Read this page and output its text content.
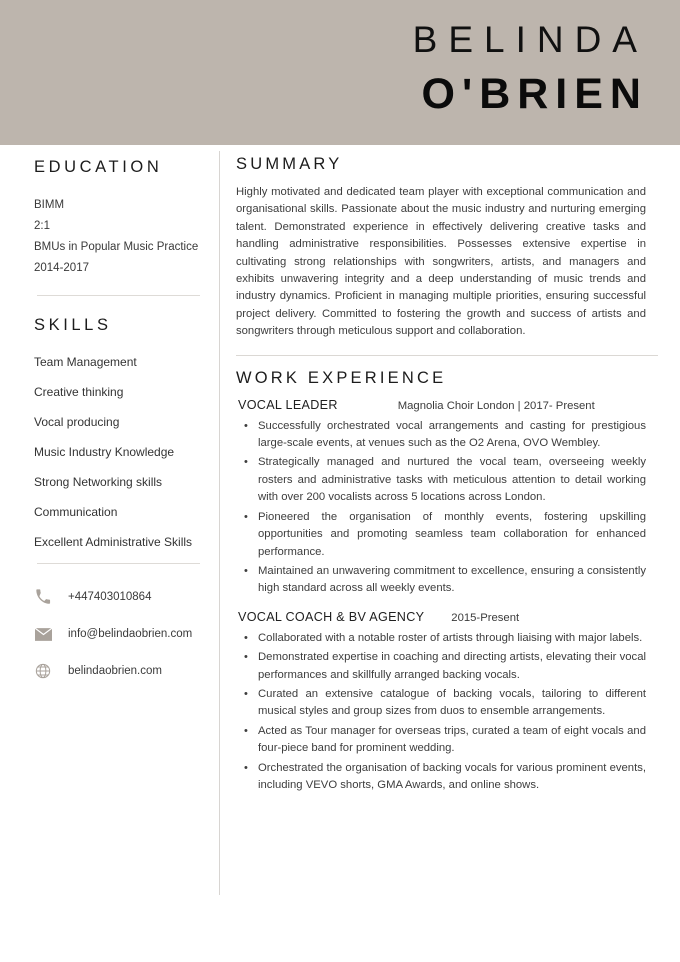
BELINDA
O'BRIEN
EDUCATION

BIMM

2:1

BMUs in Popular Music Practice

2014-2017

SKILLS
Team Management
Creative thinking
Vocal producing
Music Industry Knowledge
Strong Networking skills
Communication
Excellent Administrative Skills
+447403010864
info@belindaobrien.com
belindaobrien.com
SUMMARY

Highly motivated and dedicated team player with exceptional communication and organisational skills. Passionate about the music industry and nurturing emerging talent. Demonstrated experience in effectively delivering creative tasks and handling administrative responsibilities. Possesses extensive expertise in cultivating strong relationships with songwriters, artists, and managers and exhibits unwavering integrity and a deep understanding of music trends and industry dynamics. Proficient in managing multiple priorities, ensuring successful project delivery. Committed to fostering the growth and success of artists and songwriters through meticulous support and collaboration.

WORK EXPERIENCE
VOCAL LEADER	Magnolia Choir London | 2017- Present
• Successfully orchestrated vocal arrangements and casting for prestigious large-scale events, at venues such as the O2 Arena, OVO Wembley.
• Strategically managed and nurtured the vocal team, overseeing weekly rosters and administrative tasks with meticulous attention to detail working with over 200 vocalists across 5 locations across London.
• Pioneered the organisation of monthly events, fostering upskilling opportunities and promoting seamless team collaboration for enhanced performance.
• Maintained an unwavering commitment to excellence, ensuring a consistently high standard across all weekly events.
VOCAL COACH & BV AGENCY	2015-Present
• Collaborated with a notable roster of artists through liaising with major labels.
• Demonstrated expertise in coaching and directing artists, elevating their vocal performances and skillfully arranged backing vocals.
• Curated an extensive catalogue of backing vocals, tailoring to different musical styles and group sizes from duos to ensemble arrangements.
• Acted as Tour manager for overseas trips, curated a team of eight vocals and four-piece band for prominent wedding.
• Orchestrated the organisation of backing vocals for various prominent events, including VEVO shorts, GMA Awards, and online shows.
